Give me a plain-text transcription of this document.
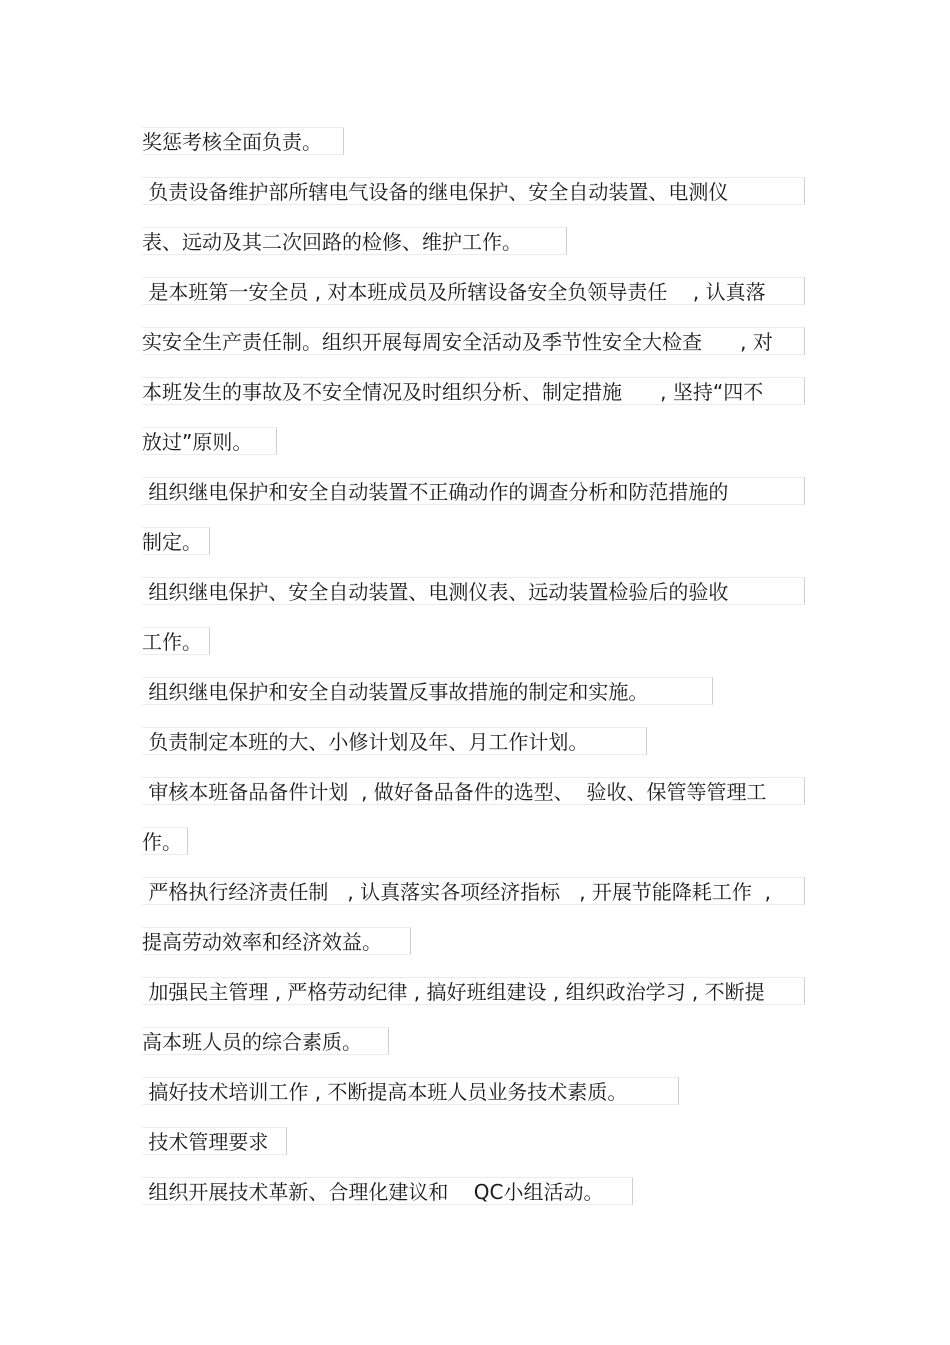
奖惩考核全面负责。
负责设备维护部所辖电气设备的继电保护、安全自动装置、电测仪
表、远动及其二次回路的检修、维护工作。
是本班第一安全员 , 对本班成员及所辖设备安全负领导责任    , 认真落
实安全生产责任制。组织开展每周安全活动及季节性安全大检查      , 对
本班发生的事故及不安全情况及时组织分析、制定措施      , 坚持“四不
放过”原则。
组织继电保护和安全自动装置不正确动作的调查分析和防范措施的
制定。
组织继电保护、安全自动装置、电测仪表、远动装置检验后的验收
工作。
组织继电保护和安全自动装置反事故措施的制定和实施。
负责制定本班的大、小修计划及年、月工作计划。
审核本班备品备件计划  , 做好备品备件的选型、  验收、保管等管理工
作。
严格执行经济责任制   , 认真落实各项经济指标   , 开展节能降耗工作  ,
提高劳动效率和经济效益。
加强民主管理 , 严格劳动纪律 , 搞好班组建设 , 组织政治学习 , 不断提
高本班人员的综合素质。
搞好技术培训工作 , 不断提高本班人员业务技术素质。
技术管理要求
组织开展技术革新、合理化建议和    QC小组活动。
